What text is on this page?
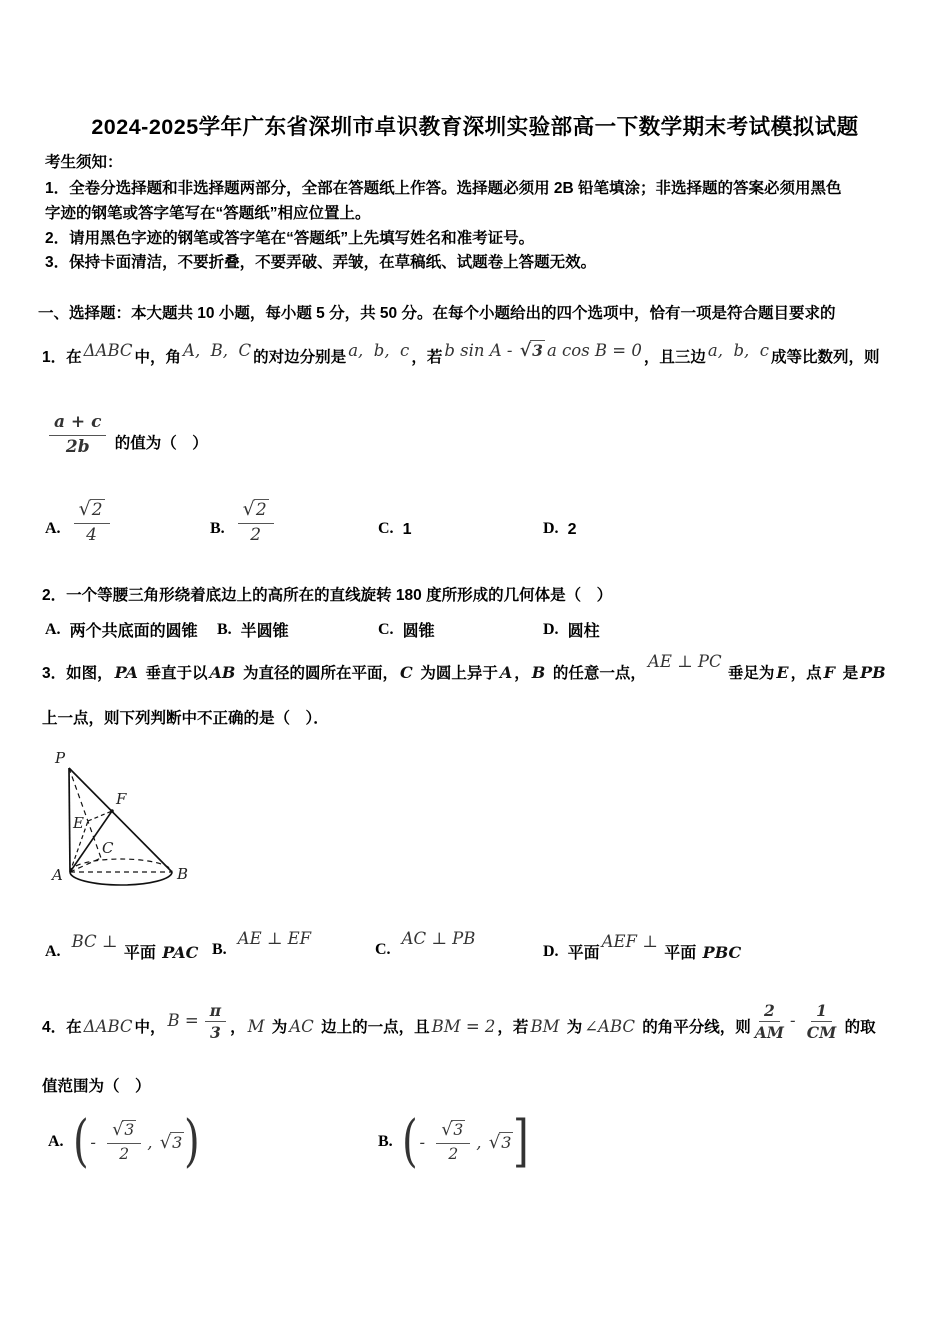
2024-2025学年广东省深圳市卓识教育深圳实验部高一下数学期末考试模拟试题
考生须知：
1．全卷分选择题和非选择题两部分，全部在答题纸上作答。选择题必须用 2B 铅笔填涂；非选择题的答案必须用黑色
字迹的钢笔或答字笔写在“答题纸”相应位置上。
2．请用黑色字迹的钢笔或答字笔在“答题纸”上先填写姓名和准考证号。
3．保持卡面清洁，不要折叠，不要弄破、弄皱，在草稿纸、试题卷上答题无效。
一、选择题：本大题共 10 小题，每小题 5 分，共 50 分。在每个小题给出的四个选项中，恰有一项是符合题目要求的
1．在 ΔABC 中，角 A,  B,  C 的对边分别是 a,  b,  c ，若 b sin A - √3 a cos B = 0 ，且三边 a,  b,  c 成等比数列，则
$\frac{a + c}{2b}$ 的值为（　）
A. $\frac{√2}{4}$	B. $\frac{√2}{2}$	C. 1	D. 2
2．一个等腰三角形绕着底边上的高所在的直线旋转 180 度所形成的几何体是（　）
A. 两个共底面的圆锥 B. 半圆锥	C. 圆锥	D. 圆柱
3．如图， PA 垂直于以 AB 为直径的圆所在平面， C 为圆上异于 A ， B 的任意一点，AE ⊥ PC 垂足为 E ，点 F 是 PB
上一点，则下列判断中不正确的是（　）．
P
A	B
C
E
F
A. BC ⊥ 平面 PAC B.
AE ⊥ EF
C.
AC ⊥ PB
D. 平面AEF ⊥ 平面 PBC
4．在 ΔABC 中， $B = \frac{\pi}{3}$ ， M 为 AC 边上的一点，且 BM = 2 ，若 BM 为 ∠ABC 的角平分线，则 $\frac{2}{AM} - \frac{1}{CM}$ 的取
值范围为（　）
A. ( - $\frac{√3}{2}$ , √3 )	B. ( - $\frac{√3}{2}$ , √3 ]
